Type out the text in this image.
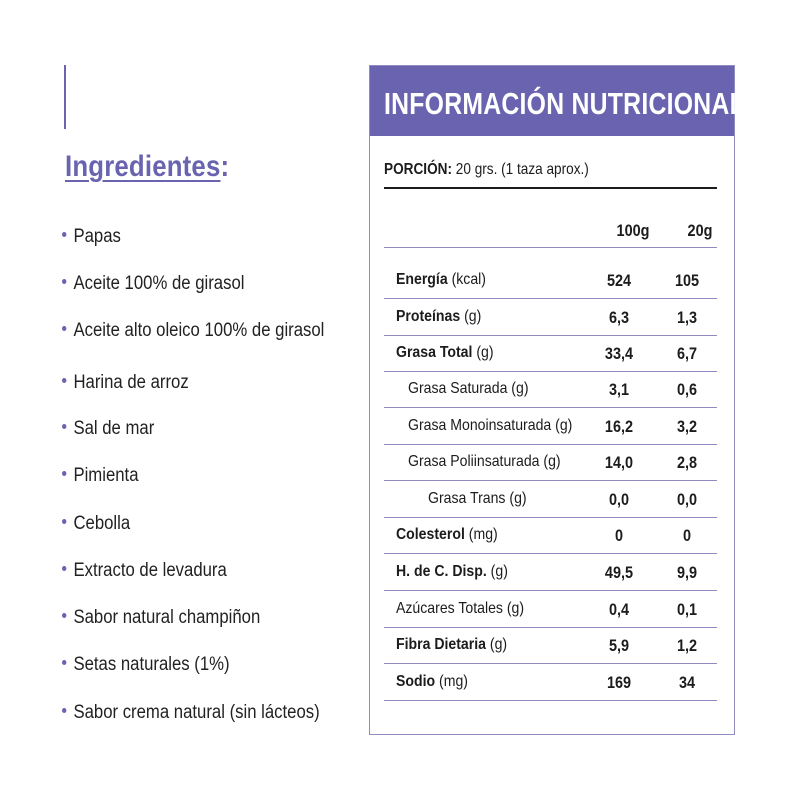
Ingredientes:
Papas
Aceite 100% de girasol
Aceite alto oleico 100% de girasol
Harina de arroz
Sal de mar
Pimienta
Cebolla
Extracto de levadura
Sabor natural champiñon
Setas naturales (1%)
Sabor crema natural (sin lácteos)
INFORMACIÓN NUTRICIONAL
PORCIÓN: 20 grs. (1 taza aprox.)
100g	20g
Energía (kcal)	524	105
Proteínas (g)	6,3	1,3
Grasa Total (g)	33,4	6,7
Grasa Saturada (g)	3,1	0,6
Grasa Monoinsaturada (g)	16,2	3,2
Grasa Poliinsaturada (g)	14,0	2,8
Grasa Trans (g)	0,0	0,0
Colesterol (mg)	0	0
H. de C. Disp. (g)	49,5	9,9
Azúcares Totales (g)	0,4	0,1
Fibra Dietaria (g)	5,9	1,2
Sodio (mg)	169	34
